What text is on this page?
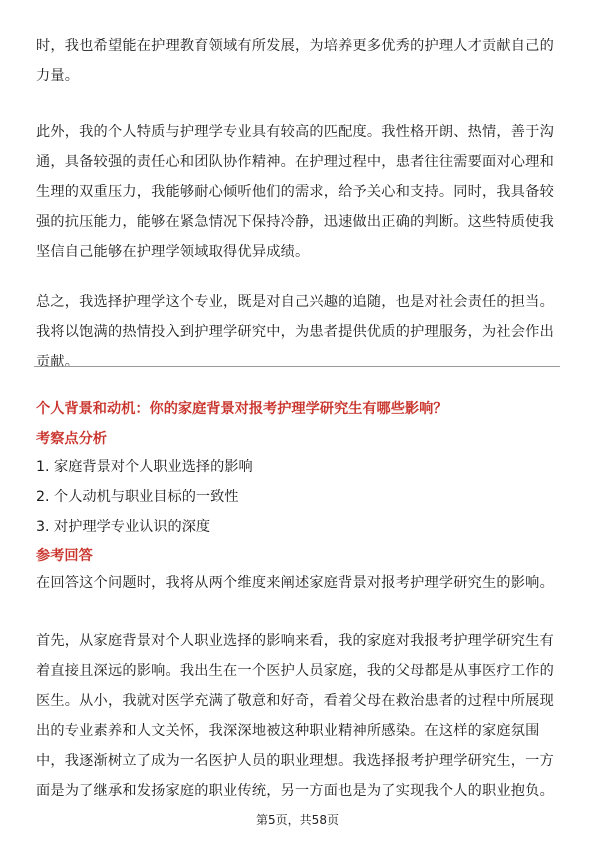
时，我也希望能在护理教育领域有所发展，为培养更多优秀的护理人才贡献自己的力量。

此外，我的个人特质与护理学专业具有较高的匹配度。我性格开朗、热情，善于沟通，具备较强的责任心和团队协作精神。在护理过程中，患者往往需要面对心理和生理的双重压力，我能够耐心倾听他们的需求，给予关心和支持。同时，我具备较强的抗压能力，能够在紧急情况下保持冷静，迅速做出正确的判断。这些特质使我坚信自己能够在护理学领域取得优异成绩。

总之，我选择护理学这个专业，既是对自己兴趣的追随，也是对社会责任的担当。我将以饱满的热情投入到护理学研究中，为患者提供优质的护理服务，为社会作出贡献。

个人背景和动机：你的家庭背景对报考护理学研究生有哪些影响？

考察点分析

1. 家庭背景对个人职业选择的影响
2. 个人动机与职业目标的一致性
3. 对护理学专业认识的深度

参考回答

在回答这个问题时，我将从两个维度来阐述家庭背景对报考护理学研究生的影响。

首先，从家庭背景对个人职业选择的影响来看，我的家庭对我报考护理学研究生有着直接且深远的影响。我出生在一个医护人员家庭，我的父母都是从事医疗工作的医生。从小，我就对医学充满了敬意和好奇，看着父母在救治患者的过程中所展现出的专业素养和人文关怀，我深深地被这种职业精神所感染。在这样的家庭氛围中，我逐渐树立了成为一名医护人员的职业理想。我选择报考护理学研究生，一方面是为了继承和发扬家庭的职业传统，另一方面也是为了实现我个人的职业抱负。

第5页，共58页
